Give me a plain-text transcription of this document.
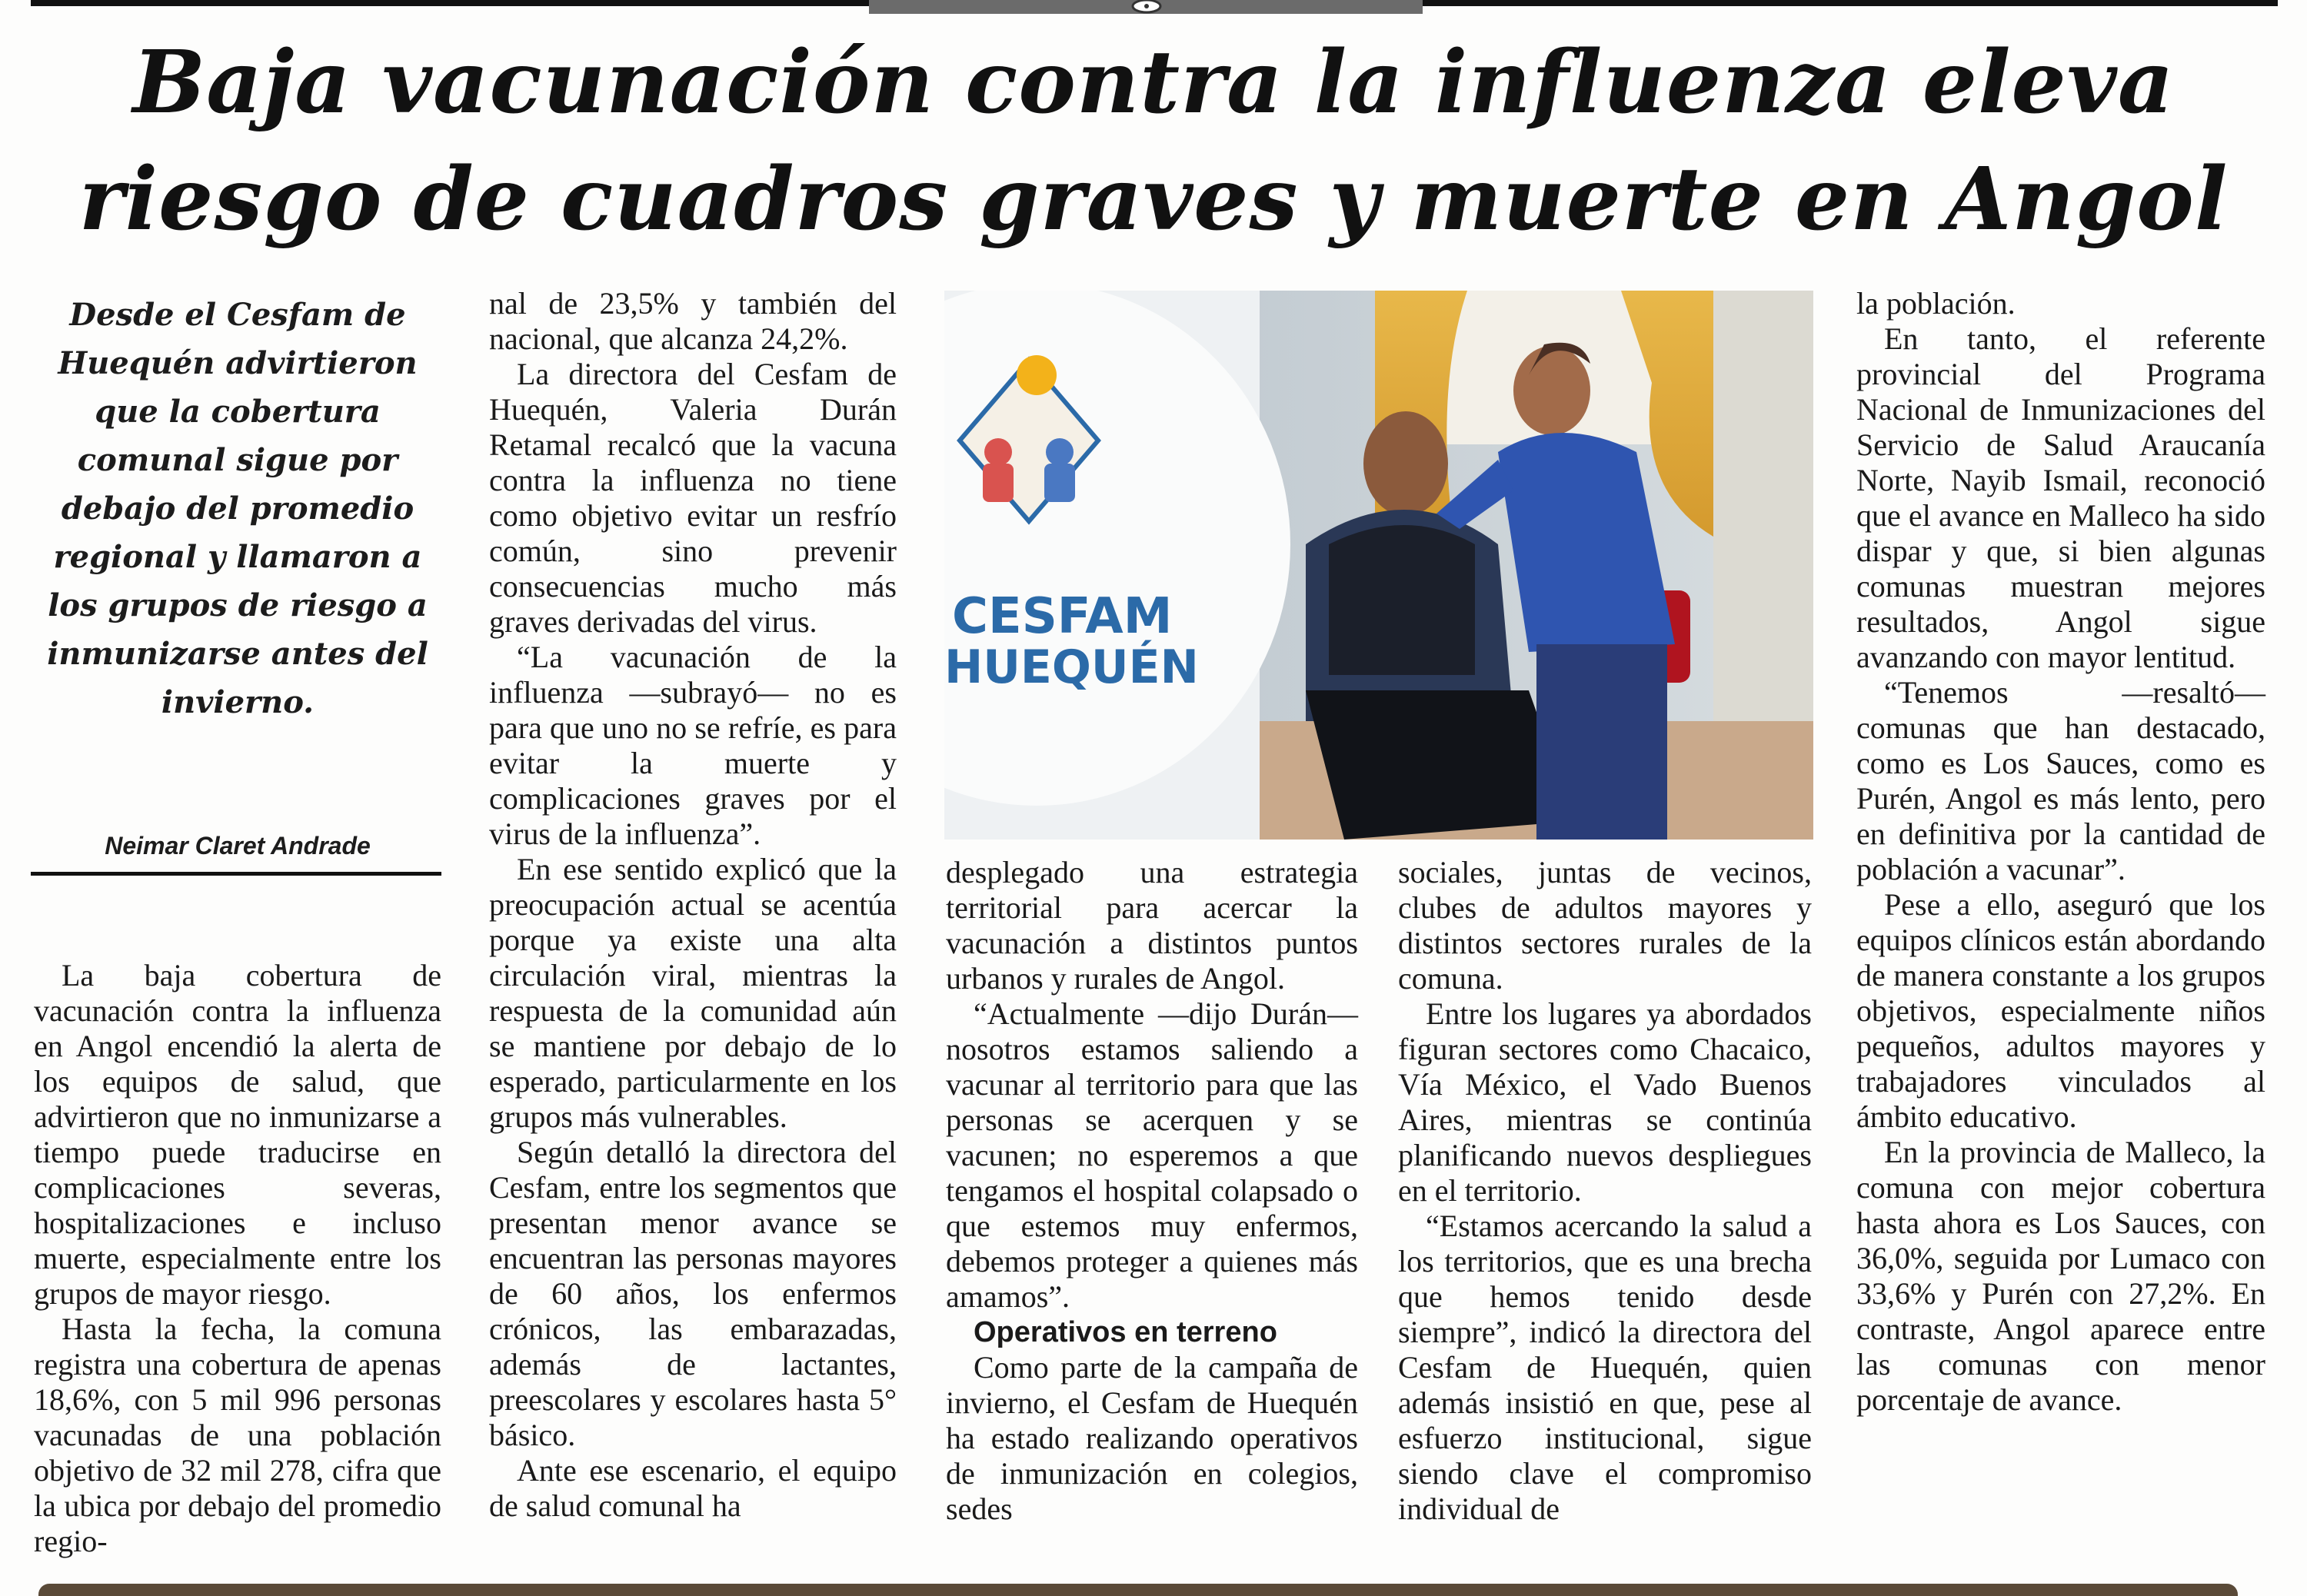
Baja vacunación contra la influenza eleva
riesgo de cuadros graves y muerte en Angol
Desde el Cesfam de Huequén advirtieron que la cobertura comunal sigue por debajo del promedio regional y llamaron a los grupos de riesgo a inmunizarse antes del invierno.
Neimar Claret Andrade

La baja cobertura de vacunación contra la influenza en Angol encendió la alerta de los equipos de salud, que advirtieron que no inmunizarse a tiempo puede traducirse en complicaciones severas, hospitalizaciones e incluso muerte, especialmente entre los grupos de mayor riesgo.

Hasta la fecha, la comuna registra una cobertura de apenas 18,6%, con 5 mil 996 personas vacunadas de una población objetivo de 32 mil 278, cifra que la ubica por debajo del promedio regio-

nal de 23,5% y también del nacional, que alcanza 24,2%.

La directora del Cesfam de Huequén, Valeria Durán Retamal recalcó que la vacuna contra la influenza no tiene como objetivo evitar un resfrío común, sino prevenir consecuencias mucho más graves derivadas del virus.

“La vacunación de la influenza —subrayó— no es para que uno no se refríe, es para evitar la muerte y complicaciones graves por el virus de la influenza”.

En ese sentido explicó que la preocupación actual se acentúa porque ya existe una alta circulación viral, mientras la respuesta de la comunidad aún se mantiene por debajo de lo esperado, particularmente en los grupos más vulnerables.

Según detalló la directora del Cesfam, entre los segmentos que presentan menor avance se encuentran las personas mayores de 60 años, los enfermos crónicos, las embarazadas, además de lactantes, preescolares y escolares hasta 5° básico.

Ante ese escenario, el equipo de salud comunal ha

CESFAM
HUEQUÉN

desplegado una estrategia territorial para acercar la vacunación a distintos puntos urbanos y rurales de Angol.

“Actualmente —dijo Durán— nosotros estamos saliendo a vacunar al territorio para que las personas se acerquen y se vacunen; no esperemos a que tengamos el hospital colapsado o que estemos muy enfermos, debemos proteger a quienes más amamos”.

Operativos en terreno

Como parte de la campaña de invierno, el Cesfam de Huequén ha estado realizando operativos de inmunización en colegios, sedes

sociales, juntas de vecinos, clubes de adultos mayores y distintos sectores rurales de la comuna.

Entre los lugares ya abordados figuran sectores como Chacaico, Vía México, el Vado Buenos Aires, mientras se continúa planificando nuevos despliegues en el territorio.

“Estamos acercando la salud a los territorios, que es una brecha que hemos tenido desde siempre”, indicó la directora del Cesfam de Huequén, quien además insistió en que, pese al esfuerzo institucional, sigue siendo clave el compromiso individual de

la población.

En tanto, el referente provincial del Programa Nacional de Inmunizaciones del Servicio de Salud Araucanía Norte, Nayib Ismail, reconoció que el avance en Malleco ha sido dispar y que, si bien algunas comunas muestran mejores resultados, Angol sigue avanzando con mayor lentitud.

“Tenemos —resaltó— comunas que han destacado, como es Los Sauces, como es Purén, Angol es más lento, pero en definitiva por la cantidad de población a vacunar”.

Pese a ello, aseguró que los equipos clínicos están abordando de manera constante a los grupos objetivos, especialmente niños pequeños, adultos mayores y trabajadores vinculados al ámbito educativo.

En la provincia de Malleco, la comuna con mejor cobertura hasta ahora es Los Sauces, con 36,0%, seguida por Lumaco con 33,6% y Purén con 27,2%. En contraste, Angol aparece entre las comunas con menor porcentaje de avance.
